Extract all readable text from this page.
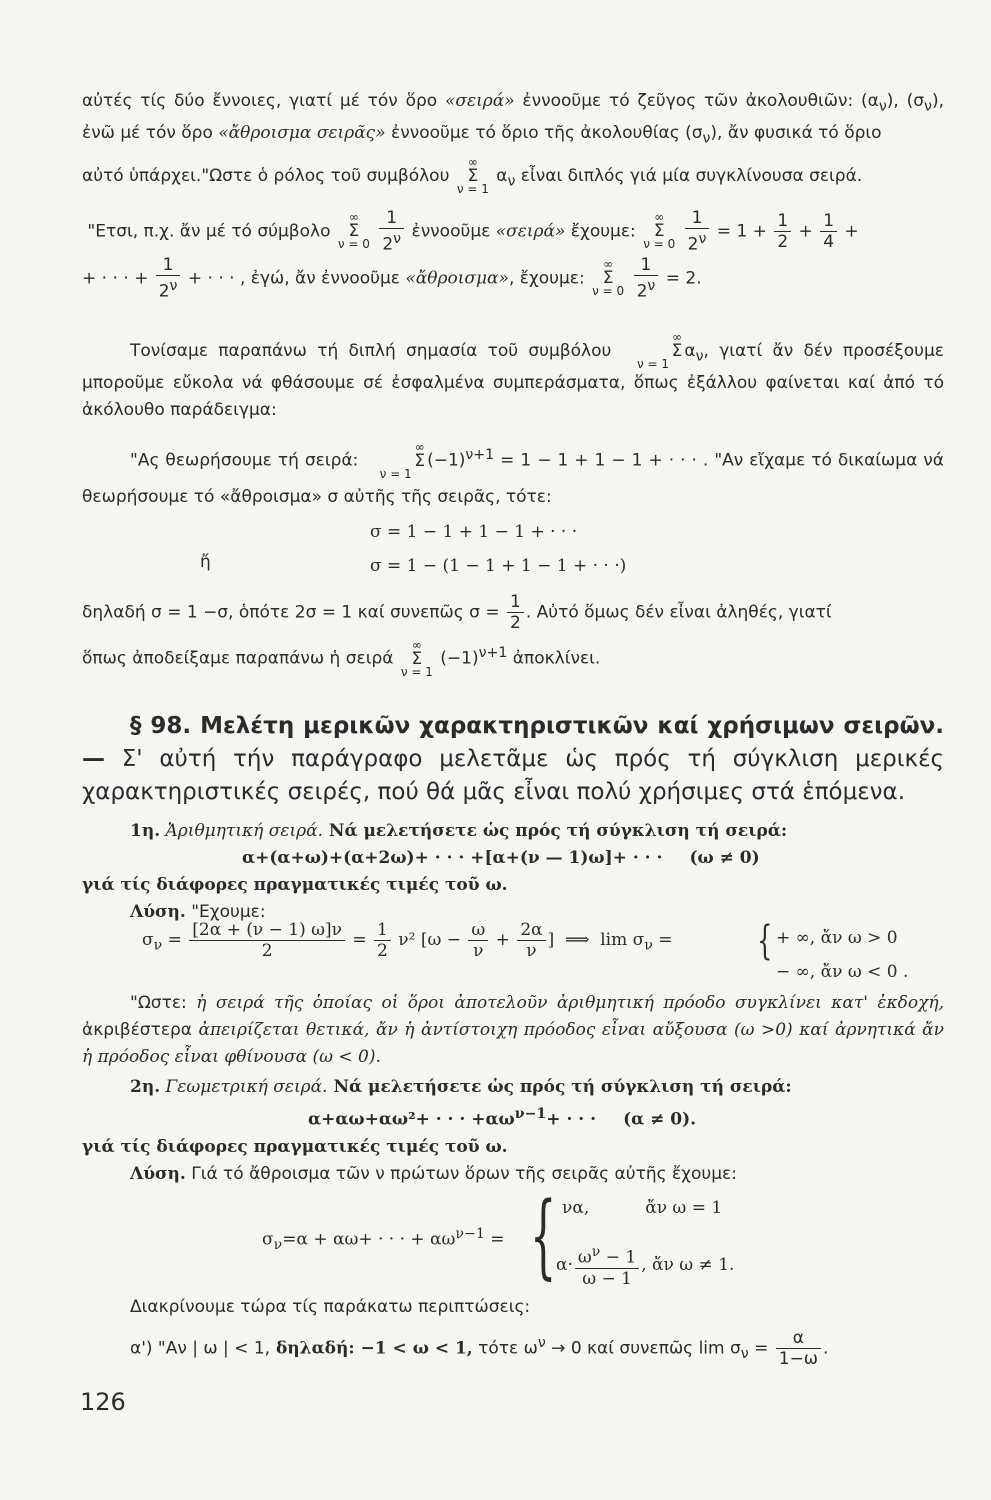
αὐτές τίς δύο ἔννοιες, γιατί μέ τόν ὅρο «σειρά» ἐννοοῦμε τό ζεῦγος τῶν ἀκολουθιῶν: $(\alpha_\nu)$, $(\sigma_\nu)$, ἐνῶ μέ τόν ὅρο «ἄθροισμα σειρᾶς» ἐννοοῦμε τό ὅριο τῆς ἀκολουθίας $(\sigma_\nu)$, ἄν φυσικά τό ὅριο

αὐτό ὑπάρχει."Ωστε ὁ ρόλος τοῦ συμβόλου ∞
Σ
ν = 1 $\alpha_\nu$ εἶναι διπλός γιά μία συγκλίνουσα σειρά.

"Ετσι, π.χ. ἄν μέ τό σύμβολο ∞
Σ
$\nu = 0 \frac{1}{2^\nu}$ ἐννοοῦμε «σειρά» ἔχουμε: ∞
Σ
$\nu = 0 \frac{1}{2^\nu} = 1 + \frac{1}{2} + \frac{1}{4}$ +

+ · · · + $\frac{1}{2^\nu}$ + · · · , ἐγώ, ἄν ἐννοοῦμε «ἄθροισμα», ἔχουμε: ∞
Σ
$\nu = 0 \frac{1}{2^\nu} = 2$.

Τονίσαμε παραπάνω τή διπλή σημασία τοῦ συμβόλου ∞
Σ
$\nu = 1\alpha_\nu$, γιατί ἄν δέν προσέξουμε μποροῦμε εὔκολα νά φθάσουμε σέ ἐσφαλμένα συμπεράσματα, ὅπως ἐξάλλου φαίνεται καί ἀπό τό ἀκόλουθο παράδειγμα:

"Ας θεωρήσουμε τή σειρά: ∞
Σ
$\nu = 1(-1)^{\nu+1} = 1 - 1 + 1 - 1$ + · · · . "Αν εἴχαμε τό δικαίωμα νά θεωρήσουμε τό «ἄθροισμα» σ αὐτῆς τῆς σειρᾶς, τότε:

σ = 1 − 1 + 1 − 1 + · · ·
ἤ	σ = 1 − (1 − 1 + 1 − 1 + · · ·)

δηλαδή σ = 1 −σ, ὁπότε 2σ = 1 καί συνεπῶς $\sigma = \frac{1}{2}$ . Αὐτό ὅμως δέν εἶναι ἀληθές, γιατί

ὅπως ἀποδείξαμε παραπάνω ἡ σειρά ∞
Σ
ν = 1 $(-1)^{\nu+1}$ ἀποκλίνει.

§ 98. Μελέτη μερικῶν χαρακτηριστικῶν καί χρήσιμων σειρῶν.— Σ' αὐτή τήν παράγραφο μελετᾶμε ὡς πρός τή σύγκλιση μερικές χαρακτηριστικές σειρές, πού θά μᾶς εἶναι πολύ χρήσιμες στά ἑπόμενα.

1η. Ἀριθμητική σειρά. Νά μελετήσετε ὡς πρός τή σύγκλιση τή σειρά:

α+(α+ω)+(α+2ω)+ · · · +[α+(ν — 1)ω]+ · · · (ω ≠ 0)

γιά τίς διάφορες πραγματικές τιμές τοῦ ω.

Λύση. "Εχουμε:

$\sigma_\nu = \frac{[2\alpha + (\nu - 1) \omega]\nu}{2} = \frac{1}{2} \nu^2$ [$\omega - \frac{\omega}{\nu} + \frac{2\alpha}{\nu}$ ]  ⟹ $\lim \sigma_\nu$ = { + ∞, ἄν ω > 0
− ∞, ἄν ω < 0 .

"Ωστε: ἡ σειρά τῆς ὁποίας οἱ ὅροι ἀποτελοῦν ἀριθμητική πρόοδο συγκλίνει κατ' ἐκδοχή, ἀκριβέστερα ἀπειρίζεται θετικά, ἄν ἡ ἀντίστοιχη πρόοδος εἶναι αὔξουσα (ω >0) καί ἀρνητικά ἄν ἡ πρόοδος εἶναι φθίνουσα (ω < 0).

2η. Γεωμετρική σειρά. Νά μελετήσετε ὡς πρός τή σύγκλιση τή σειρά:

α+αω+αω²+ · · · $+\alpha\omega^{\nu-1}+$ · · · (α ≠ 0).

γιά τίς διάφορες πραγματικές τιμές τοῦ ω.

Λύση. Γιά τό ἄθροισμα τῶν ν πρώτων ὅρων τῆς σειρᾶς αὐτῆς ἔχουμε:

$\sigma_\nu=\alpha + \alpha\omega+$ · · · + $\alpha\omega^{\nu-1}$ = { να,	ἄν ω = 1
$\alpha\cdot \frac{\omega^\nu - 1}{\omega - 1}$ , ἄν ω ≠ 1.

Διακρίνουμε τώρα τίς παράκατω περιπτώσεις:

α') "Αν | ω | < 1, δηλαδή: −1 < ω < 1, τότε $\omega^\nu \to 0$ καί συνεπῶς $\lim \sigma_\nu = \frac{\alpha}{1-\omega}$ .

126
